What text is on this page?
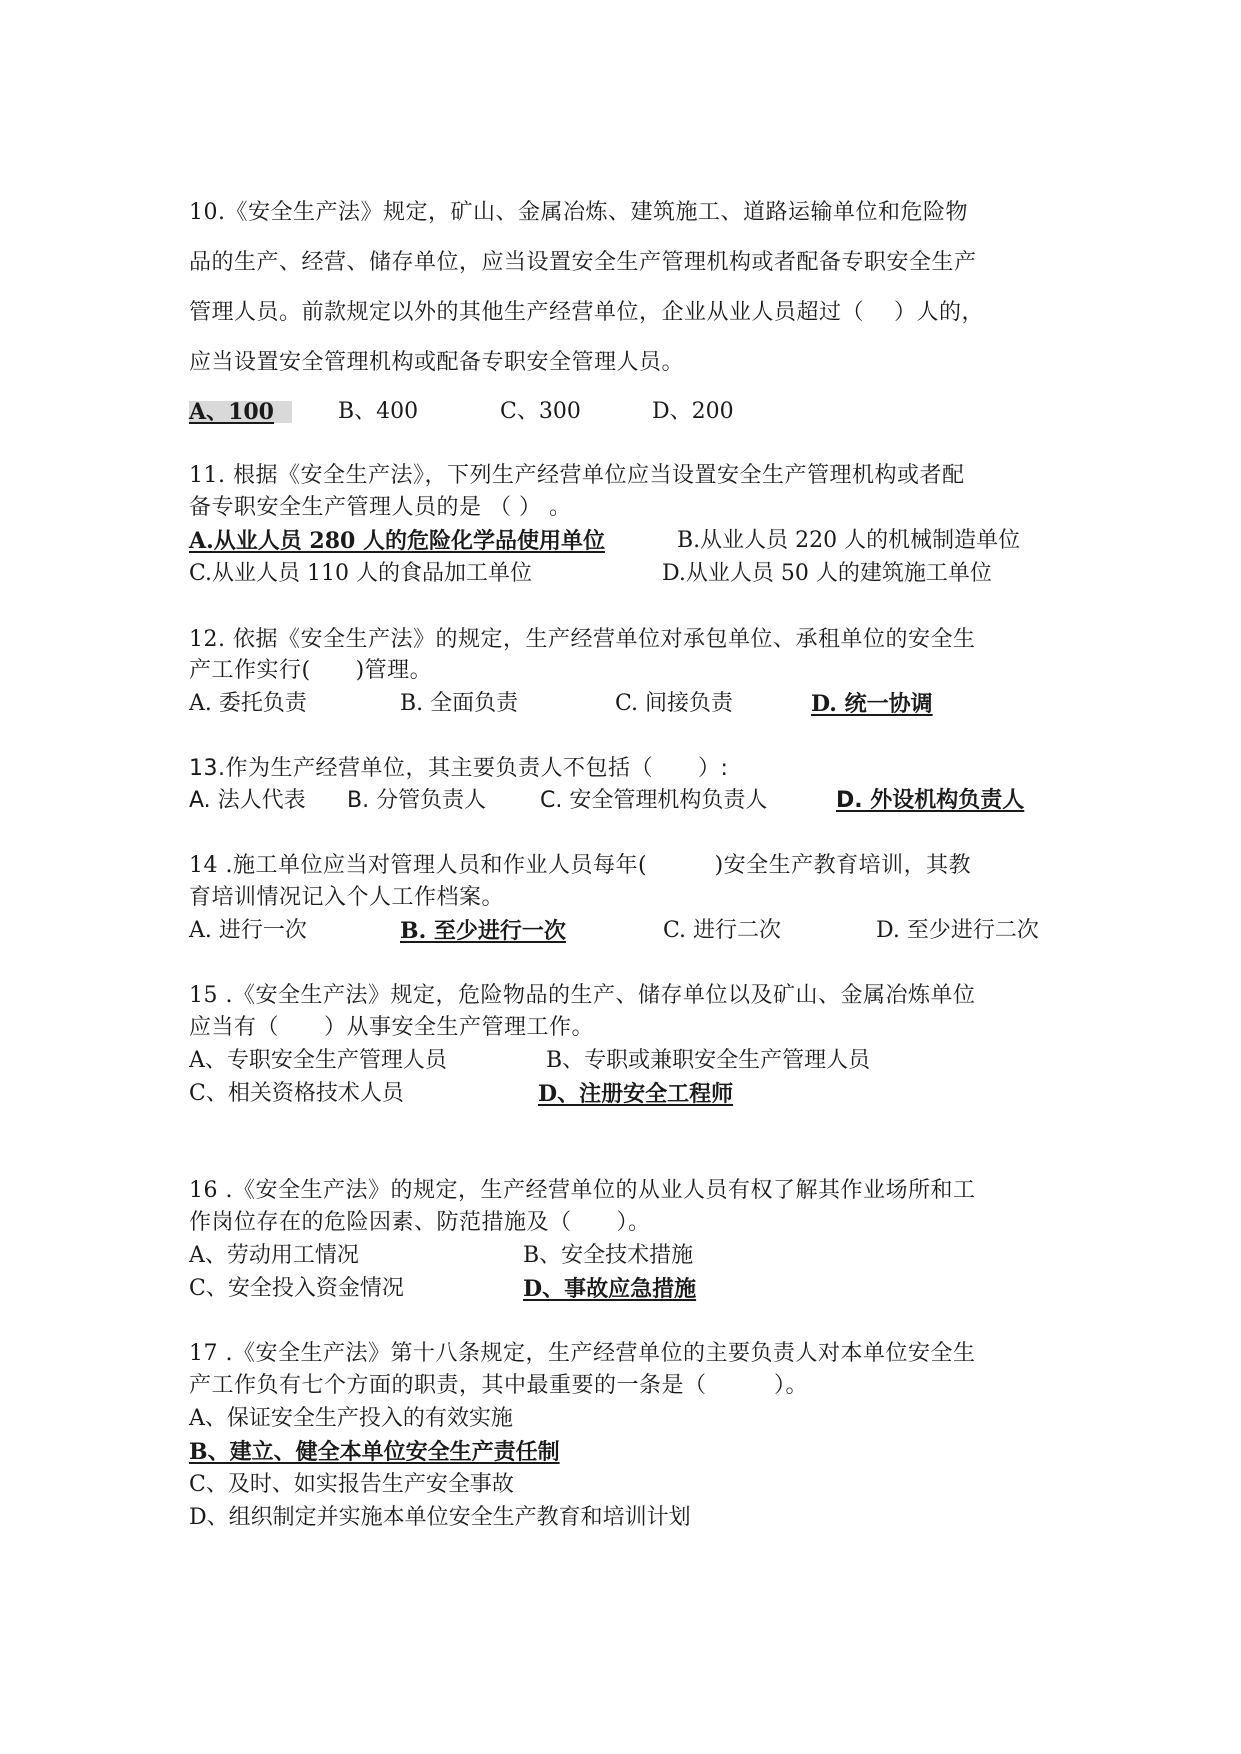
10.《安全生产法》规定，矿山、金属冶炼、建筑施工、道路运输单位和危险物
品的生产、经营、储存单位，应当设置安全生产管理机构或者配备专职安全生产
管理人员。前款规定以外的其他生产经营单位，企业从业人员超过（　 ）人的，
应当设置安全管理机构或配备专职安全管理人员。
A、100	B、400	C、300	D、200
11. 根据《安全生产法》，下列生产经营单位应当设置安全生产管理机构或者配
备专职安全生产管理人员的是 （ ） 。
A.从业人员 280 人的危险化学品使用单位	B.从业人员 220 人的机械制造单位
C.从业人员 110 人的食品加工单位	D.从业人员 50 人的建筑施工单位
12. 依据《安全生产法》的规定，生产经营单位对承包单位、承租单位的安全生
产工作实行(　　)管理。
A. 委托负责	B. 全面负责	C. 间接负责	D. 统一协调
13.作为生产经营单位，其主要负责人不包括（　　）:
A. 法人代表 B. 分管负责人 C. 安全管理机构负责人	D. 外设机构负责人
14 .施工单位应当对管理人员和作业人员每年(　　　)安全生产教育培训，其教
育培训情况记入个人工作档案。
A. 进行一次	B. 至少进行一次	C. 进行二次	D. 至少进行二次
15 .《安全生产法》规定，危险物品的生产、储存单位以及矿山、金属冶炼单位
应当有（　　）从事安全生产管理工作。
A、专职安全生产管理人员	B、专职或兼职安全生产管理人员
C、相关资格技术人员	D、注册安全工程师
16 .《安全生产法》的规定，生产经营单位的从业人员有权了解其作业场所和工
作岗位存在的危险因素、防范措施及（　　）。
A、劳动用工情况	B、安全技术措施
C、安全投入资金情况	D、事故应急措施
17 .《安全生产法》第十八条规定，生产经营单位的主要负责人对本单位安全生
产工作负有七个方面的职责，其中最重要的一条是（　　　）。
A、保证安全生产投入的有效实施
B、建立、健全本单位安全生产责任制
C、及时、如实报告生产安全事故
D、组织制定并实施本单位安全生产教育和培训计划
